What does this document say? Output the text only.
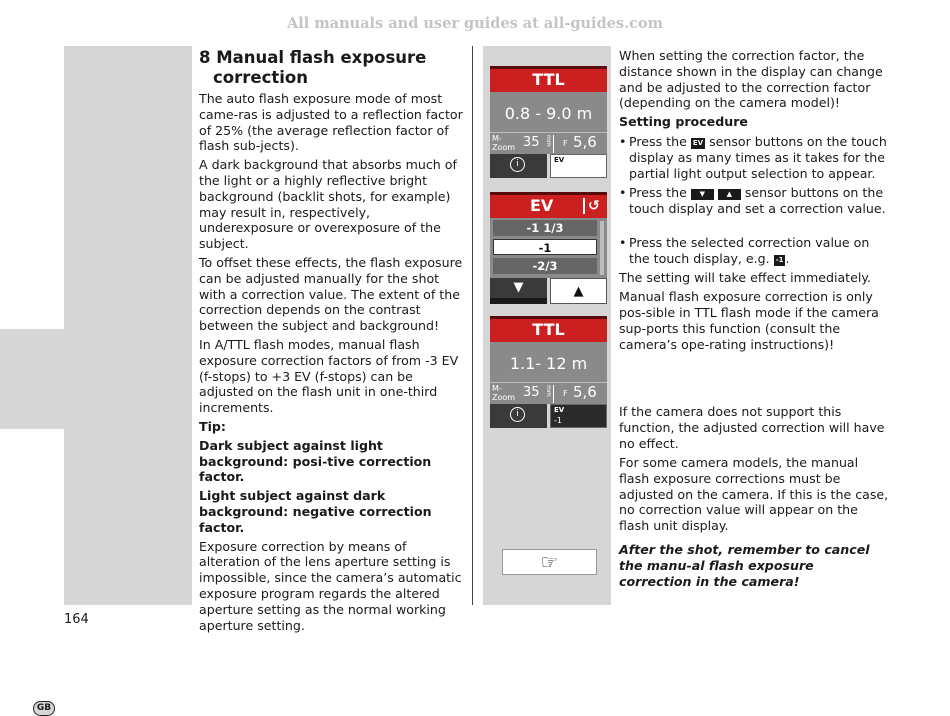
All manuals and user guides at all-guides.com
GB
8 Manual flash exposure
correction

The auto flash exposure mode of most came-ras is adjusted to a reflection factor of 25% (the average reflection factor of flash sub-jects).

A dark background that absorbs much of the light or a highly reflective bright background (backlit shots, for example) may result in, respectively, underexposure or overexposure of the subject.

To offset these effects, the flash exposure can be adjusted manually for the shot with a correction value. The extent of the correction depends on the contrast between the subject and background!

In A/TTL flash modes, manual flash exposure correction factors of from -3 EV (f-stops) to +3 EV (f-stops) can be adjusted on the flash unit in one-third increments.

Tip:

Dark subject against light background: posi-tive correction factor.

Light subject against dark background: negative correction factor.

Exposure correction by means of alteration of the lens aperture setting is impossible, since the camera’s automatic exposure program regards the altered aperture setting as the normal working aperture setting.

TTL
0.8 - 9.0 m
M-
Zoom 35 mm F 5,6
i	EV
EV ↺
-1 1/3
-1
-2/3
▼	▲
TTL
1.1- 12 m
M-
Zoom 35 mm F 5,6
i	EV
-1
☞

When setting the correction factor, the distance shown in the display can change and be adjusted to the correction factor (depending on the camera model)!

Setting procedure

• Press the EV sensor buttons on the touch display as many times as it takes for the partial light output selection to appear.

• Press the ▼	▲ sensor buttons on the touch display and set a correction value.

• Press the selected correction value on the touch display, e.g. -1 .

The setting will take effect immediately.

Manual flash exposure correction is only pos-sible in TTL flash mode if the camera sup-ports this function (consult the camera’s ope-rating instructions)!

If the camera does not support this function, the adjusted correction will have no effect.

For some camera models, the manual flash exposure corrections must be adjusted on the camera. If this is the case, no correction value will appear on the flash unit display.

After the shot, remember to cancel the manu-al flash exposure correction in the camera!

164
